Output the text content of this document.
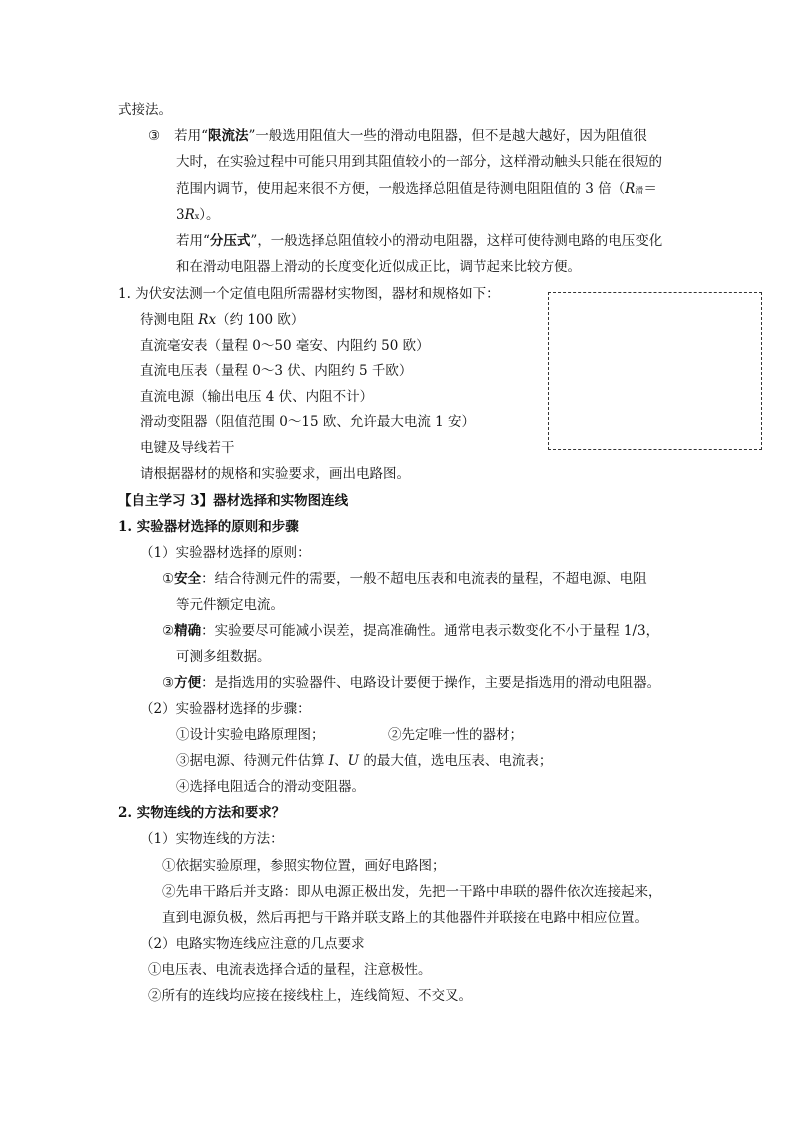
式接法。
③ 若用“限流法”一般选用阻值大一些的滑动电阻器，但不是越大越好，因为阻值很
大时，在实验过程中可能只用到其阻值较小的一部分，这样滑动触头只能在很短的
范围内调节，使用起来很不方便，一般选择总阻值是待测电阻阻值的 3 倍（R滑＝
3Rx）。
若用“分压式”，一般选择总阻值较小的滑动电阻器，这样可使待测电路的电压变化
和在滑动电阻器上滑动的长度变化近似成正比，调节起来比较方便。
1. 为伏安法测一个定值电阻所需器材实物图，器材和规格如下：
待测电阻 Rx（约 100 欧）
直流毫安表（量程 0～50 毫安、内阻约 50 欧）
直流电压表（量程 0～3 伏、内阻约 5 千欧）
直流电源（输出电压 4 伏、内阻不计）
滑动变阻器（阻值范围 0～15 欧、允许最大电流 1 安）
电键及导线若干
请根据器材的规格和实验要求，画出电路图。
【自主学习 3】器材选择和实物图连线
1. 实验器材选择的原则和步骤
（1）实验器材选择的原则：
①安全：结合待测元件的需要，一般不超电压表和电流表的量程，不超电源、电阻
等元件额定电流。
②精确：实验要尽可能减小误差，提高准确性。通常电表示数变化不小于量程 1/3，
可测多组数据。
③方便：是指选用的实验器件、电路设计要便于操作，主要是指选用的滑动电阻器。
（2）实验器材选择的步骤：
①设计实验电路原理图；	②先定唯一性的器材；
③据电源、待测元件估算 I、U 的最大值，选电压表、电流表；
④选择电阻适合的滑动变阻器。
2. 实物连线的方法和要求？
（1）实物连线的方法：
①依据实验原理，参照实物位置，画好电路图；
②先串干路后并支路：即从电源正极出发，先把一干路中串联的器件依次连接起来，
直到电源负极，然后再把与干路并联支路上的其他器件并联接在电路中相应位置。
（2）电路实物连线应注意的几点要求
①电压表、电流表选择合适的量程，注意极性。
②所有的连线均应接在接线柱上，连线简短、不交叉。
